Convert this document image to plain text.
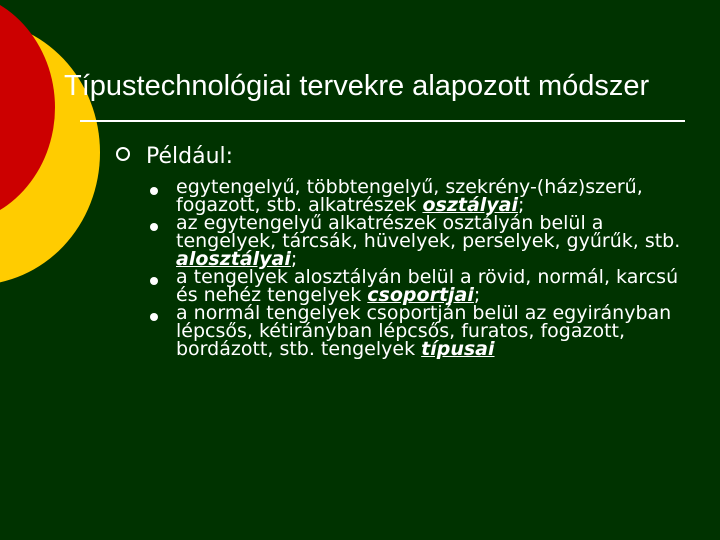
Típustechnológiai tervekre alapozott módszer
Például:
egytengelyű, többtengelyű, szekrény-(ház)szerű, fogazott, stb. alkatrészek osztályai;
az egytengelyű alkatrészek osztályán belül a tengelyek, tárcsák, hüvelyek, perselyek, gyűrűk, stb. alosztályai;
a tengelyek alosztályán belül a rövid, normál, karcsú és nehéz tengelyek csoportjai;
a normál tengelyek csoportján belül az egyirányban lépcsős, kétirányban lépcsős, furatos, fogazott, bordázott, stb. tengelyek típusai
